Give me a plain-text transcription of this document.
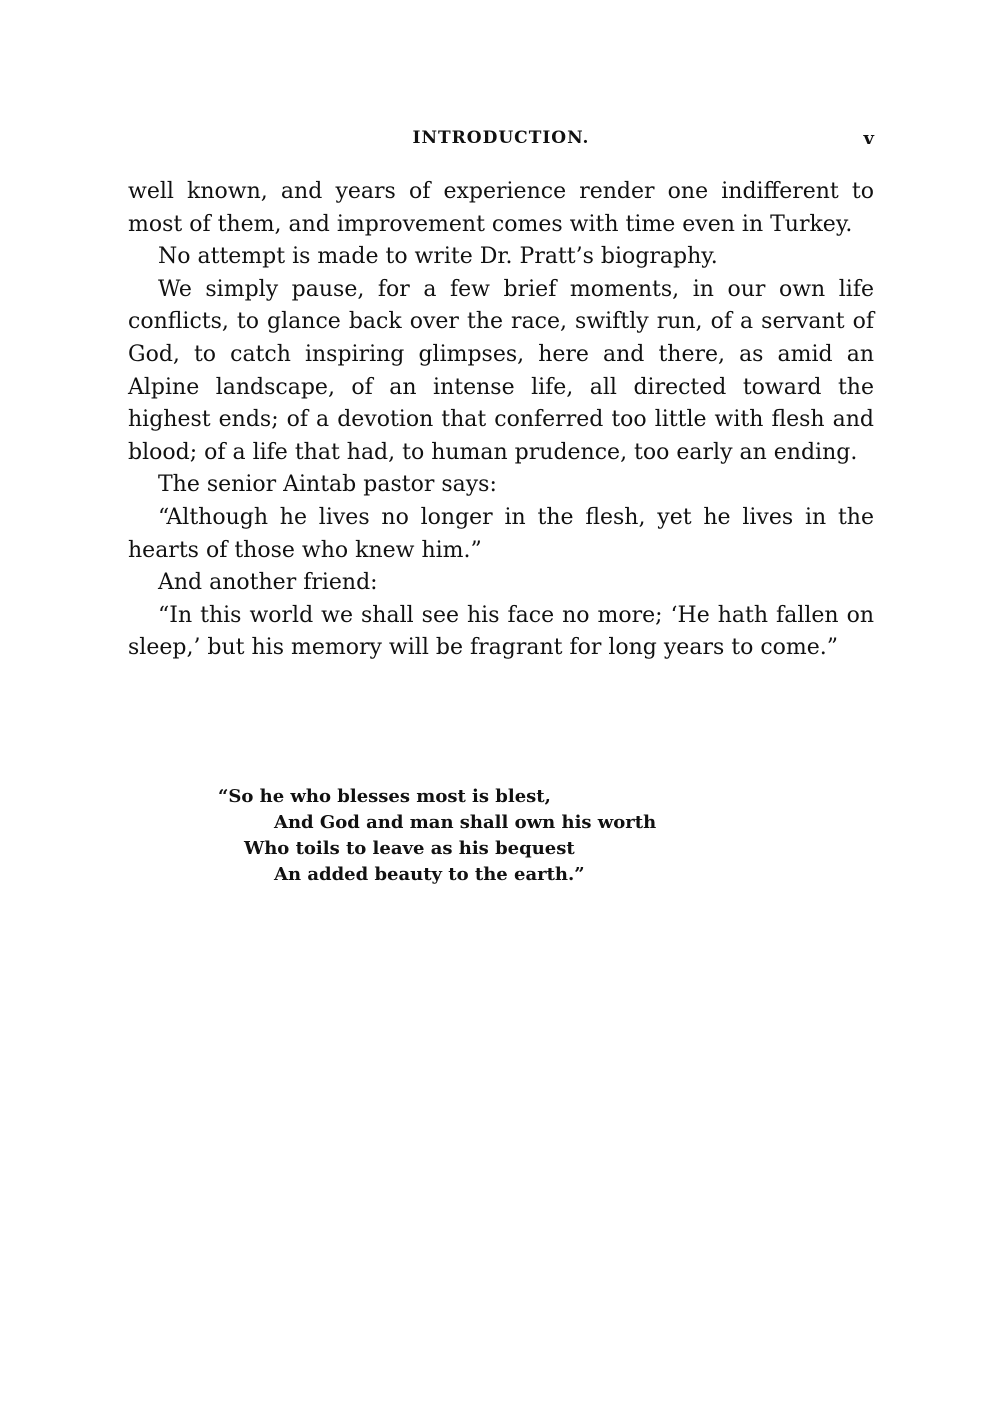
INTRODUCTION.	v

well known, and years of experience render one indifferent to most of them, and improvement comes with time even in Turkey.

No attempt is made to write Dr. Pratt’s biography.

We simply pause, for a few brief moments, in our own life conflicts, to glance back over the race, swiftly run, of a servant of God, to catch inspiring glimpses, here and there, as amid an Alpine landscape, of an intense life, all directed toward the highest ends; of a devotion that conferred too little with flesh and blood; of a life that had, to human prudence, too early an ending.

The senior Aintab pastor says:

“Although he lives no longer in the flesh, yet he lives in the hearts of those who knew him.”

And another friend:

“In this world we shall see his face no more; ‘He hath fallen on sleep,’ but his memory will be fragrant for long years to come.”

“So he who blesses most is blest,
And God and man shall own his worth
Who toils to leave as his bequest
An added beauty to the earth.”
